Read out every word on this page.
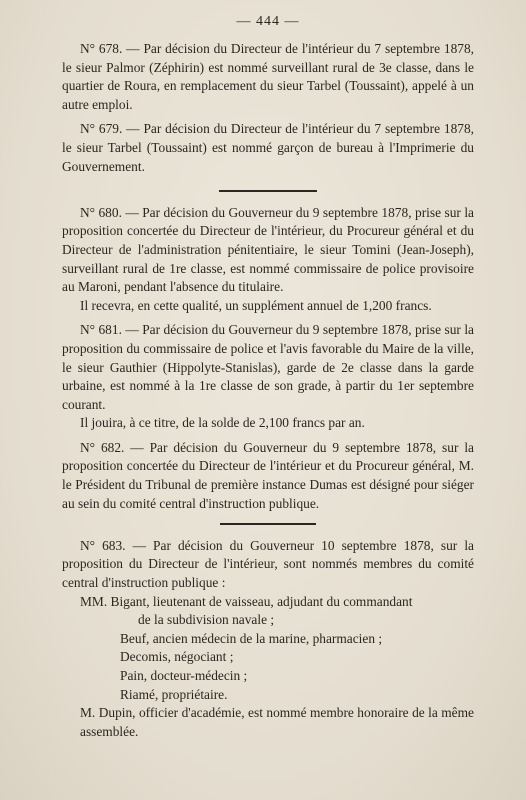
— 444 —

N° 678. — Par décision du Directeur de l'intérieur du 7 septembre 1878, le sieur Palmor (Zéphirin) est nommé surveillant rural de 3e classe, dans le quartier de Roura, en remplacement du sieur Tarbel (Toussaint), appelé à un autre emploi.

N° 679. — Par décision du Directeur de l'intérieur du 7 septembre 1878, le sieur Tarbel (Toussaint) est nommé garçon de bureau à l'Imprimerie du Gouvernement.

N° 680. — Par décision du Gouverneur du 9 septembre 1878, prise sur la proposition concertée du Directeur de l'intérieur, du Procureur général et du Directeur de l'administration pénitentiaire, le sieur Tomini (Jean-Joseph), surveillant rural de 1re classe, est nommé commissaire de police provisoire au Maroni, pendant l'absence du titulaire.
Il recevra, en cette qualité, un supplément annuel de 1,200 francs.

N° 681. — Par décision du Gouverneur du 9 septembre 1878, prise sur la proposition du commissaire de police et l'avis favorable du Maire de la ville, le sieur Gauthier (Hippolyte-Stanislas), garde de 2e classe dans la garde urbaine, est nommé à la 1re classe de son grade, à partir du 1er septembre courant.
Il jouira, à ce titre, de la solde de 2,100 francs par an.

N° 682. — Par décision du Gouverneur du 9 septembre 1878, sur la proposition concertée du Directeur de l'intérieur et du Procureur général, M. le Président du Tribunal de première instance Dumas est désigné pour siéger au sein du comité central d'instruction publique.

N° 683. — Par décision du Gouverneur 10 septembre 1878, sur la proposition du Directeur de l'intérieur, sont nommés membres du comité central d'instruction publique :

MM. Bigant, lieutenant de vaisseau, adjudant du commandant
de la subdivision navale ;
Beuf, ancien médecin de la marine, pharmacien ;
Decomis, négociant ;
Pain, docteur-médecin ;
Riamé, propriétaire.
M. Dupin, officier d'académie, est nommé membre honoraire de la même assemblée.
